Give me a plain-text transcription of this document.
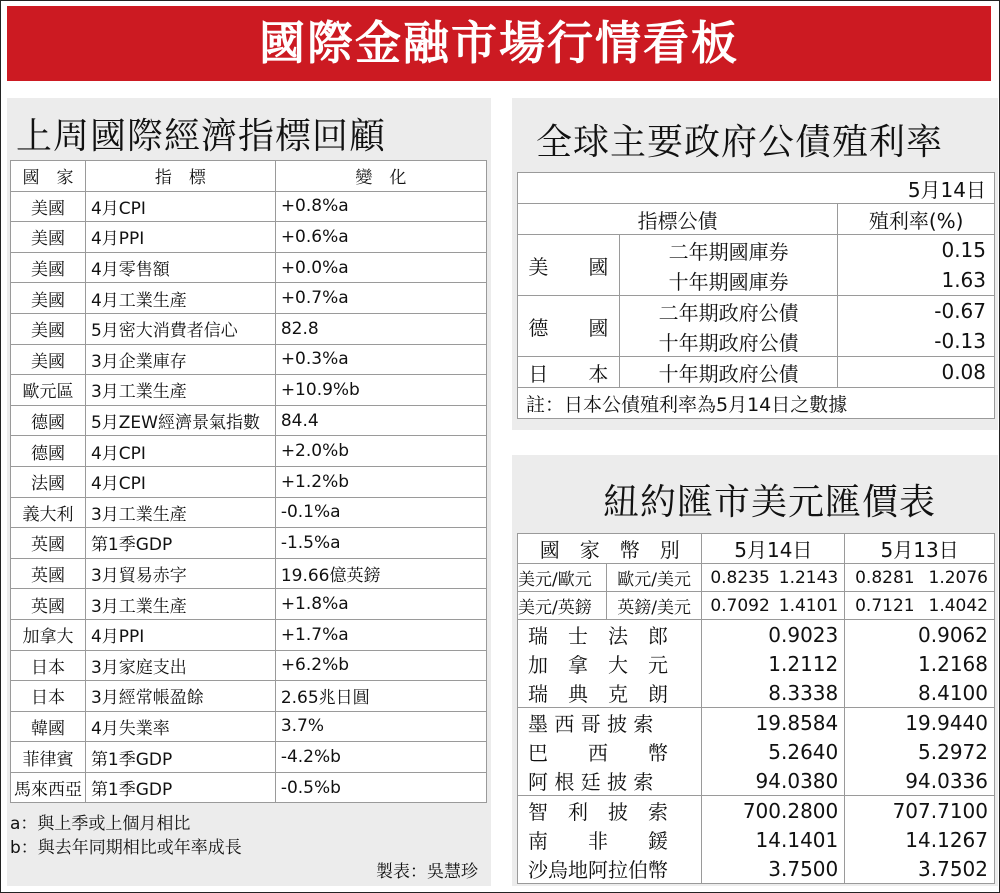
國際金融市場行情看板
上周國際經濟指標回顧
國　家	指　標	變　化
美國	4月CPI	+0.8%a
美國	4月PPI	+0.6%a
美國	4月零售額	+0.0%a
美國	4月工業生產	+0.7%a
美國	5月密大消費者信心	82.8
美國	3月企業庫存	+0.3%a
歐元區	3月工業生產	+10.9%b
德國	5月ZEW經濟景氣指數	84.4
德國	4月CPI	+2.0%b
法國	4月CPI	+1.2%b
義大利	3月工業生產	-0.1%a
英國	第1季GDP	-1.5%a
英國	3月貿易赤字	19.66億英鎊
英國	3月工業生產	+1.8%a
加拿大	4月PPI	+1.7%a
日本	3月家庭支出	+6.2%b
日本	3月經常帳盈餘	2.65兆日圓
韓國	4月失業率	3.7%
菲律賓	第1季GDP	-4.2%b
馬來西亞	第1季GDP	-0.5%b
a：與上季或上個月相比
b：與去年同期相比或年率成長
製表：吳慧珍
全球主要政府公債殖利率
5月14日		
指標公債		殖利率(%)
美　　國	二年期國庫券	0.15
	十年期國庫券	1.63
德　　國	二年期政府公債	-0.67
	十年期政府公債	-0.13
日　　本	十年期政府公債	0.08
註：日本公債殖利率為5月14日之數據		
紐約匯市美元匯價表
國　家　幣　別		5月14日		5月13日	
美元/歐元	歐元/美元	0.8235	1.2143	0.8281	1.2076
美元/英鎊	英鎊/美元	0.7092	1.4101	0.7121	1.4042
瑞　士　法　郎		0.9023		0.9062	
加　拿　大　元		1.2112		1.2168	
瑞　典　克　朗		8.3338		8.4100	
墨 西 哥 披 索		19.8584		19.9440	
巴　　西　　幣		5.2640		5.2972	
阿 根 廷 披 索		94.0380		94.0336	
智　利　披　索		700.2800		707.7100	
南　　非　　鍰		14.1401		14.1267	
沙烏地阿拉伯幣		3.7500		3.7502	
